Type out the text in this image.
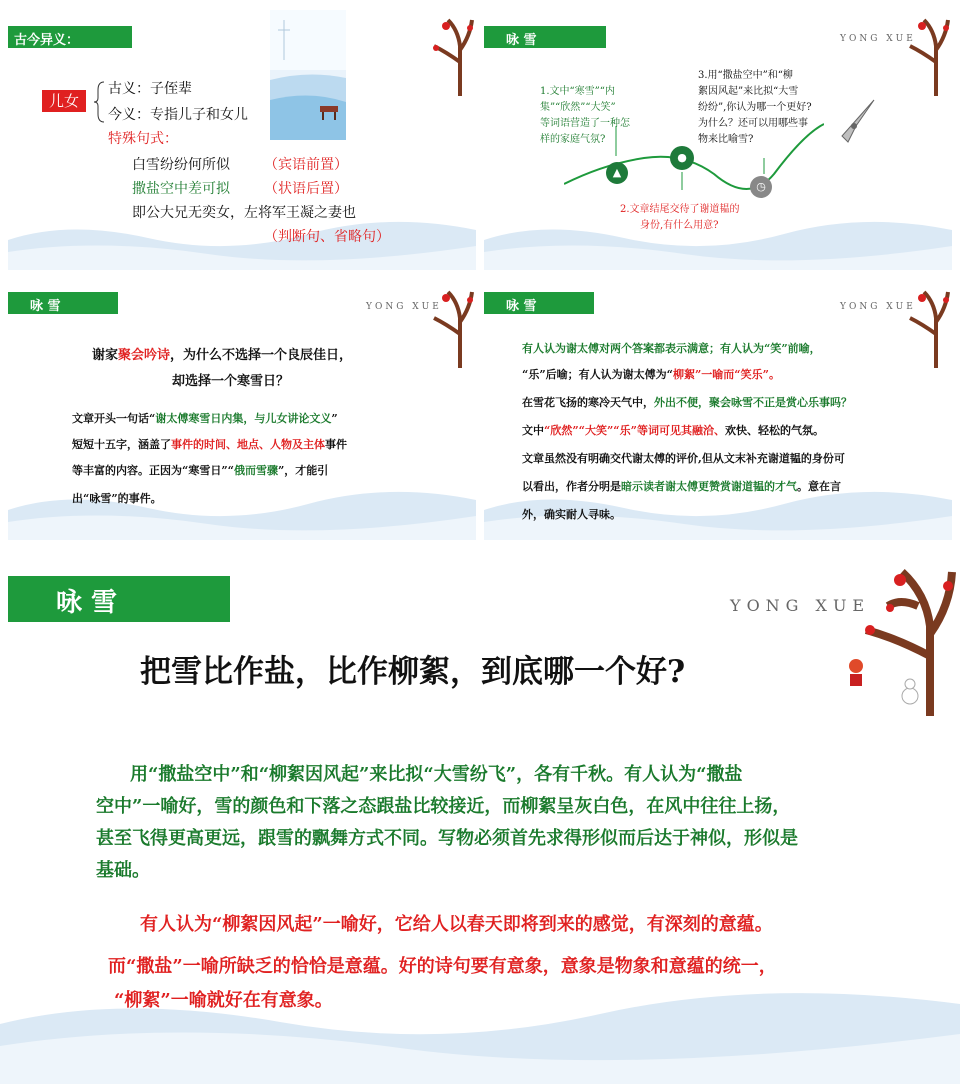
古今异义：
儿女
古义：子侄辈
今义：专指儿子和女儿
特殊句式：
白雪纷纷何所似 （宾语前置）
撒盐空中差可拟 （状语后置）
即公大兄无奕女，左将军王凝之妻也
（判断句、省略句）
咏 雪	YONG XUE
▲
●
◷
1.文中“寒雪”“内
集”“欣然”“大笑”
等词语营造了一种怎
样的家庭气氛?
2.文章结尾交待了谢道韫的
身份,有什么用意?
3.用“撒盐空中”和“柳
絮因风起”来比拟“大雪
纷纷”,你认为哪一个更好?
为什么？还可以用哪些事
物来比喻雪?
咏 雪	YONG XUE
谢家聚会吟诗，为什么不选择一个良辰佳日，
却选择一个寒雪日？
文章开头一句话“谢太傅寒雪日内集，与儿女讲论文义”
短短十五字，涵盖了事件的时间、地点、人物及主体事件
等丰富的内容。正因为“寒雪日”“俄而雪骤”，才能引
出“咏雪”的事件。
咏 雪	YONG XUE
有人认为谢太傅对两个答案都表示满意；有人认为“笑”前喻，
“乐”后喻；有人认为谢太傅为“柳絮”一喻而“笑乐”。
在雪花飞扬的寒冷天气中，外出不便，聚会咏雪不正是赏心乐事吗？
文中“欣然”“大笑”“乐”等词可见其融洽、欢快、轻松的气氛。
文章虽然没有明确交代谢太傅的评价,但从文末补充谢道韫的身份可
以看出，作者分明是暗示读者谢太傅更赞赏谢道韫的才气。意在言
外，确实耐人寻味。
咏 雪	YONG XUE
把雪比作盐，比作柳絮，到底哪一个好?
用“撒盐空中”和“柳絮因风起”来比拟“大雪纷飞”，各有千秋。有人认为“撒盐
空中”一喻好，雪的颜色和下落之态跟盐比较接近，而柳絮呈灰白色，在风中往往上扬，
甚至飞得更高更远，跟雪的飘舞方式不同。写物必须首先求得形似而后达于神似，形似是
基础。
有人认为“柳絮因风起”一喻好，它给人以春天即将到来的感觉，有深刻的意蕴。
而“撒盐”一喻所缺乏的恰恰是意蕴。好的诗句要有意象，意象是物象和意蕴的统一，
“柳絮”一喻就好在有意象。
